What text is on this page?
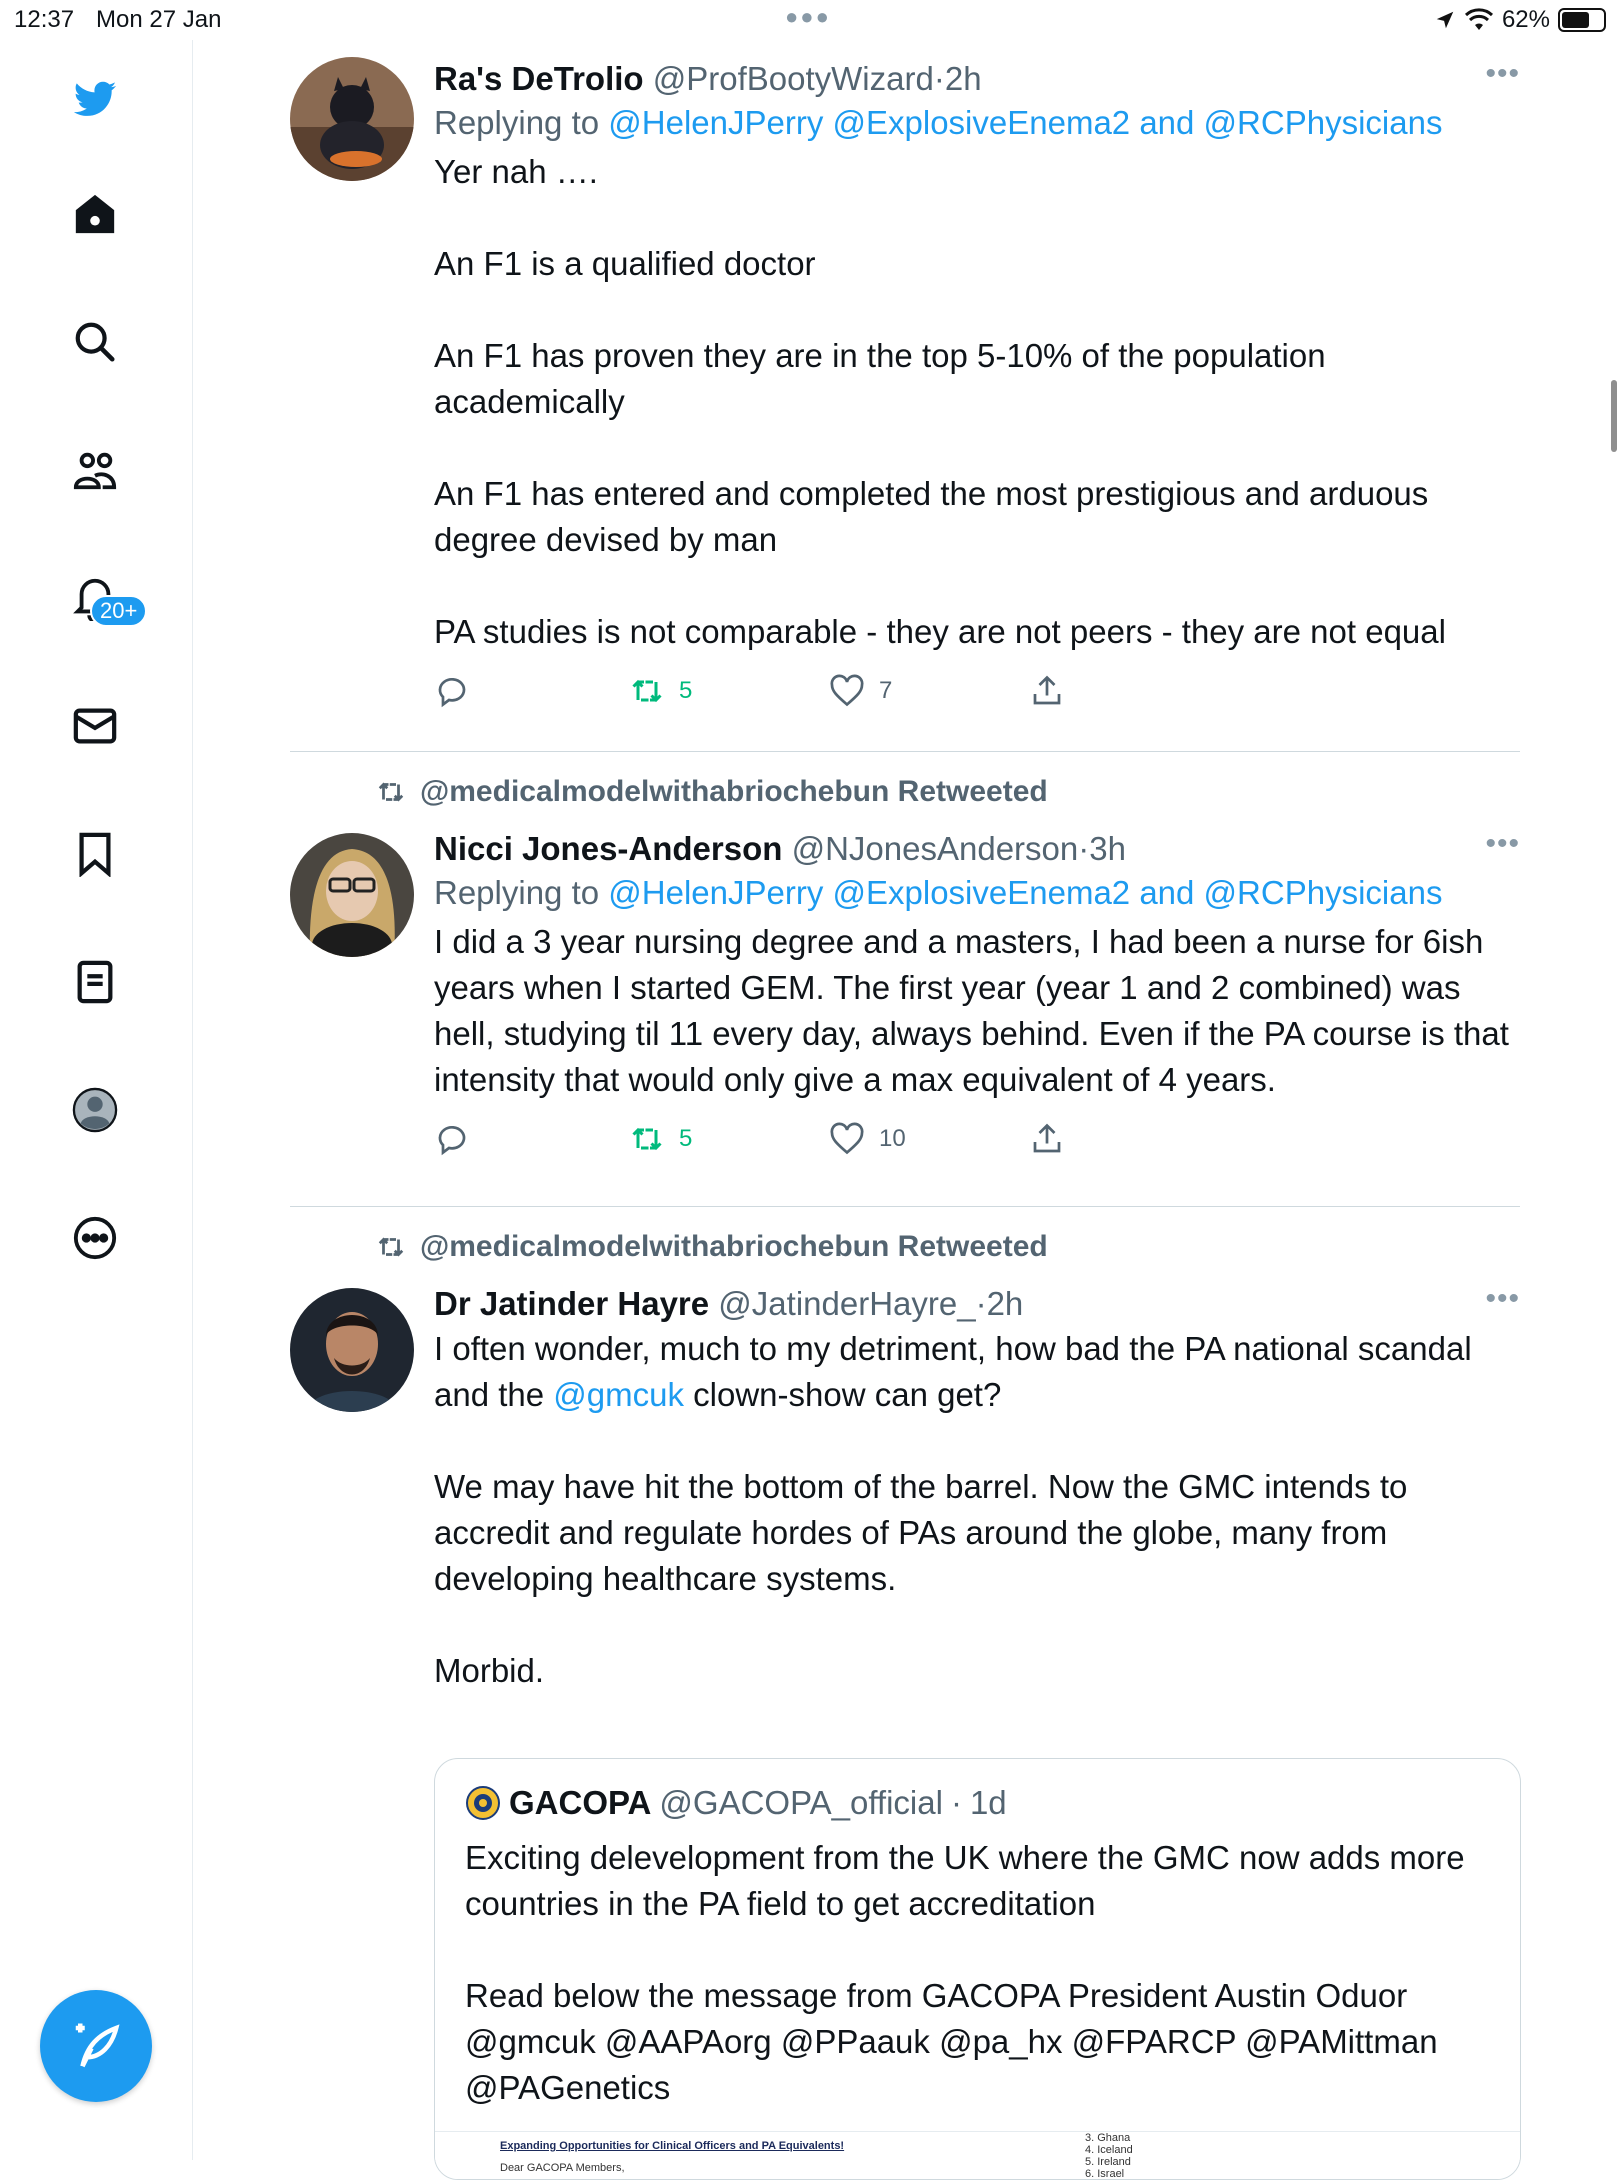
12:37 Mon 27 Jan	●●●	62%
20+
Ra's DeTrolio @ProfBootyWizard·2h	•••
Replying to @HelenJPerry @ExplosiveEnema2 and @RCPhysicians

Yer nah ….

An F1 is a qualified doctor

An F1 has proven they are in the top 5-10% of the population academically

An F1 has entered and completed the most prestigious and arduous degree devised by man

PA studies is not comparable - they are not peers - they are not equal

5	7
@medicalmodelwithabriochebun Retweeted
Nicci Jones-Anderson @NJonesAnderson·3h	•••
Replying to @HelenJPerry @ExplosiveEnema2 and @RCPhysicians

I did a 3 year nursing degree and a masters, I had been a nurse for 6ish years when I started GEM. The first year (year 1 and 2 combined) was hell, studying til 11 every day, always behind. Even if the PA course is that intensity that would only give a max equivalent of 4 years.

5	10
@medicalmodelwithabriochebun Retweeted
Dr Jatinder Hayre @JatinderHayre_·2h	•••

I often wonder, much to my detriment, how bad the PA national scandal and the @gmcuk clown-show can get?

We may have hit the bottom of the barrel. Now the GMC intends to accredit and regulate hordes of PAs around the globe, many from developing healthcare systems.

Morbid.

GACOPA @GACOPA_official · 1d

Exciting delevelopment from the UK where the GMC now adds more countries in the PA field to get accreditation

Read below the message from GACOPA President Austin Oduor @gmcuk @AAPAorg @PPaauk @pa_hx @FPARCP @PAMittman @PAGenetics

Expanding Opportunities for Clinical Officers and PA Equivalents!
Dear GACOPA Members,
3. Ghana
4. Iceland
5. Ireland
6. Israel
